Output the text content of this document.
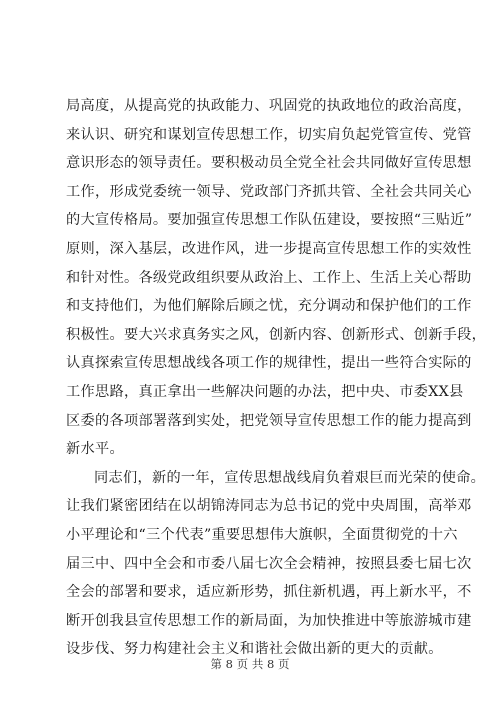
局高度，从提高党的执政能力、巩固党的执政地位的政治高度，
来认识、研究和谋划宣传思想工作，切实肩负起党管宣传、党管
意识形态的领导责任。要积极动员全党全社会共同做好宣传思想
工作，形成党委统一领导、党政部门齐抓共管、全社会共同关心
的大宣传格局。要加强宣传思想工作队伍建设，要按照“三贴近”
原则，深入基层，改进作风，进一步提高宣传思想工作的实效性
和针对性。各级党政组织要从政治上、工作上、生活上关心帮助
和支持他们，为他们解除后顾之忧，充分调动和保护他们的工作
积极性。要大兴求真务实之风，创新内容、创新形式、创新手段，
认真探索宣传思想战线各项工作的规律性，提出一些符合实际的
工作思路，真正拿出一些解决问题的办法，把中央、市委XX县
区委的各项部署落到实处，把党领导宣传思想工作的能力提高到
新水平。
同志们，新的一年，宣传思想战线肩负着艰巨而光荣的使命。
让我们紧密团结在以胡锦涛同志为总书记的党中央周围，高举邓
小平理论和“三个代表”重要思想伟大旗帜，全面贯彻党的十六
届三中、四中全会和市委八届七次全会精神，按照县委七届七次
全会的部署和要求，适应新形势，抓住新机遇，再上新水平，不
断开创我县宣传思想工作的新局面，为加快推进中等旅游城市建
设步伐、努力构建社会主义和谐社会做出新的更大的贡献。
第 8 页 共 8 页
